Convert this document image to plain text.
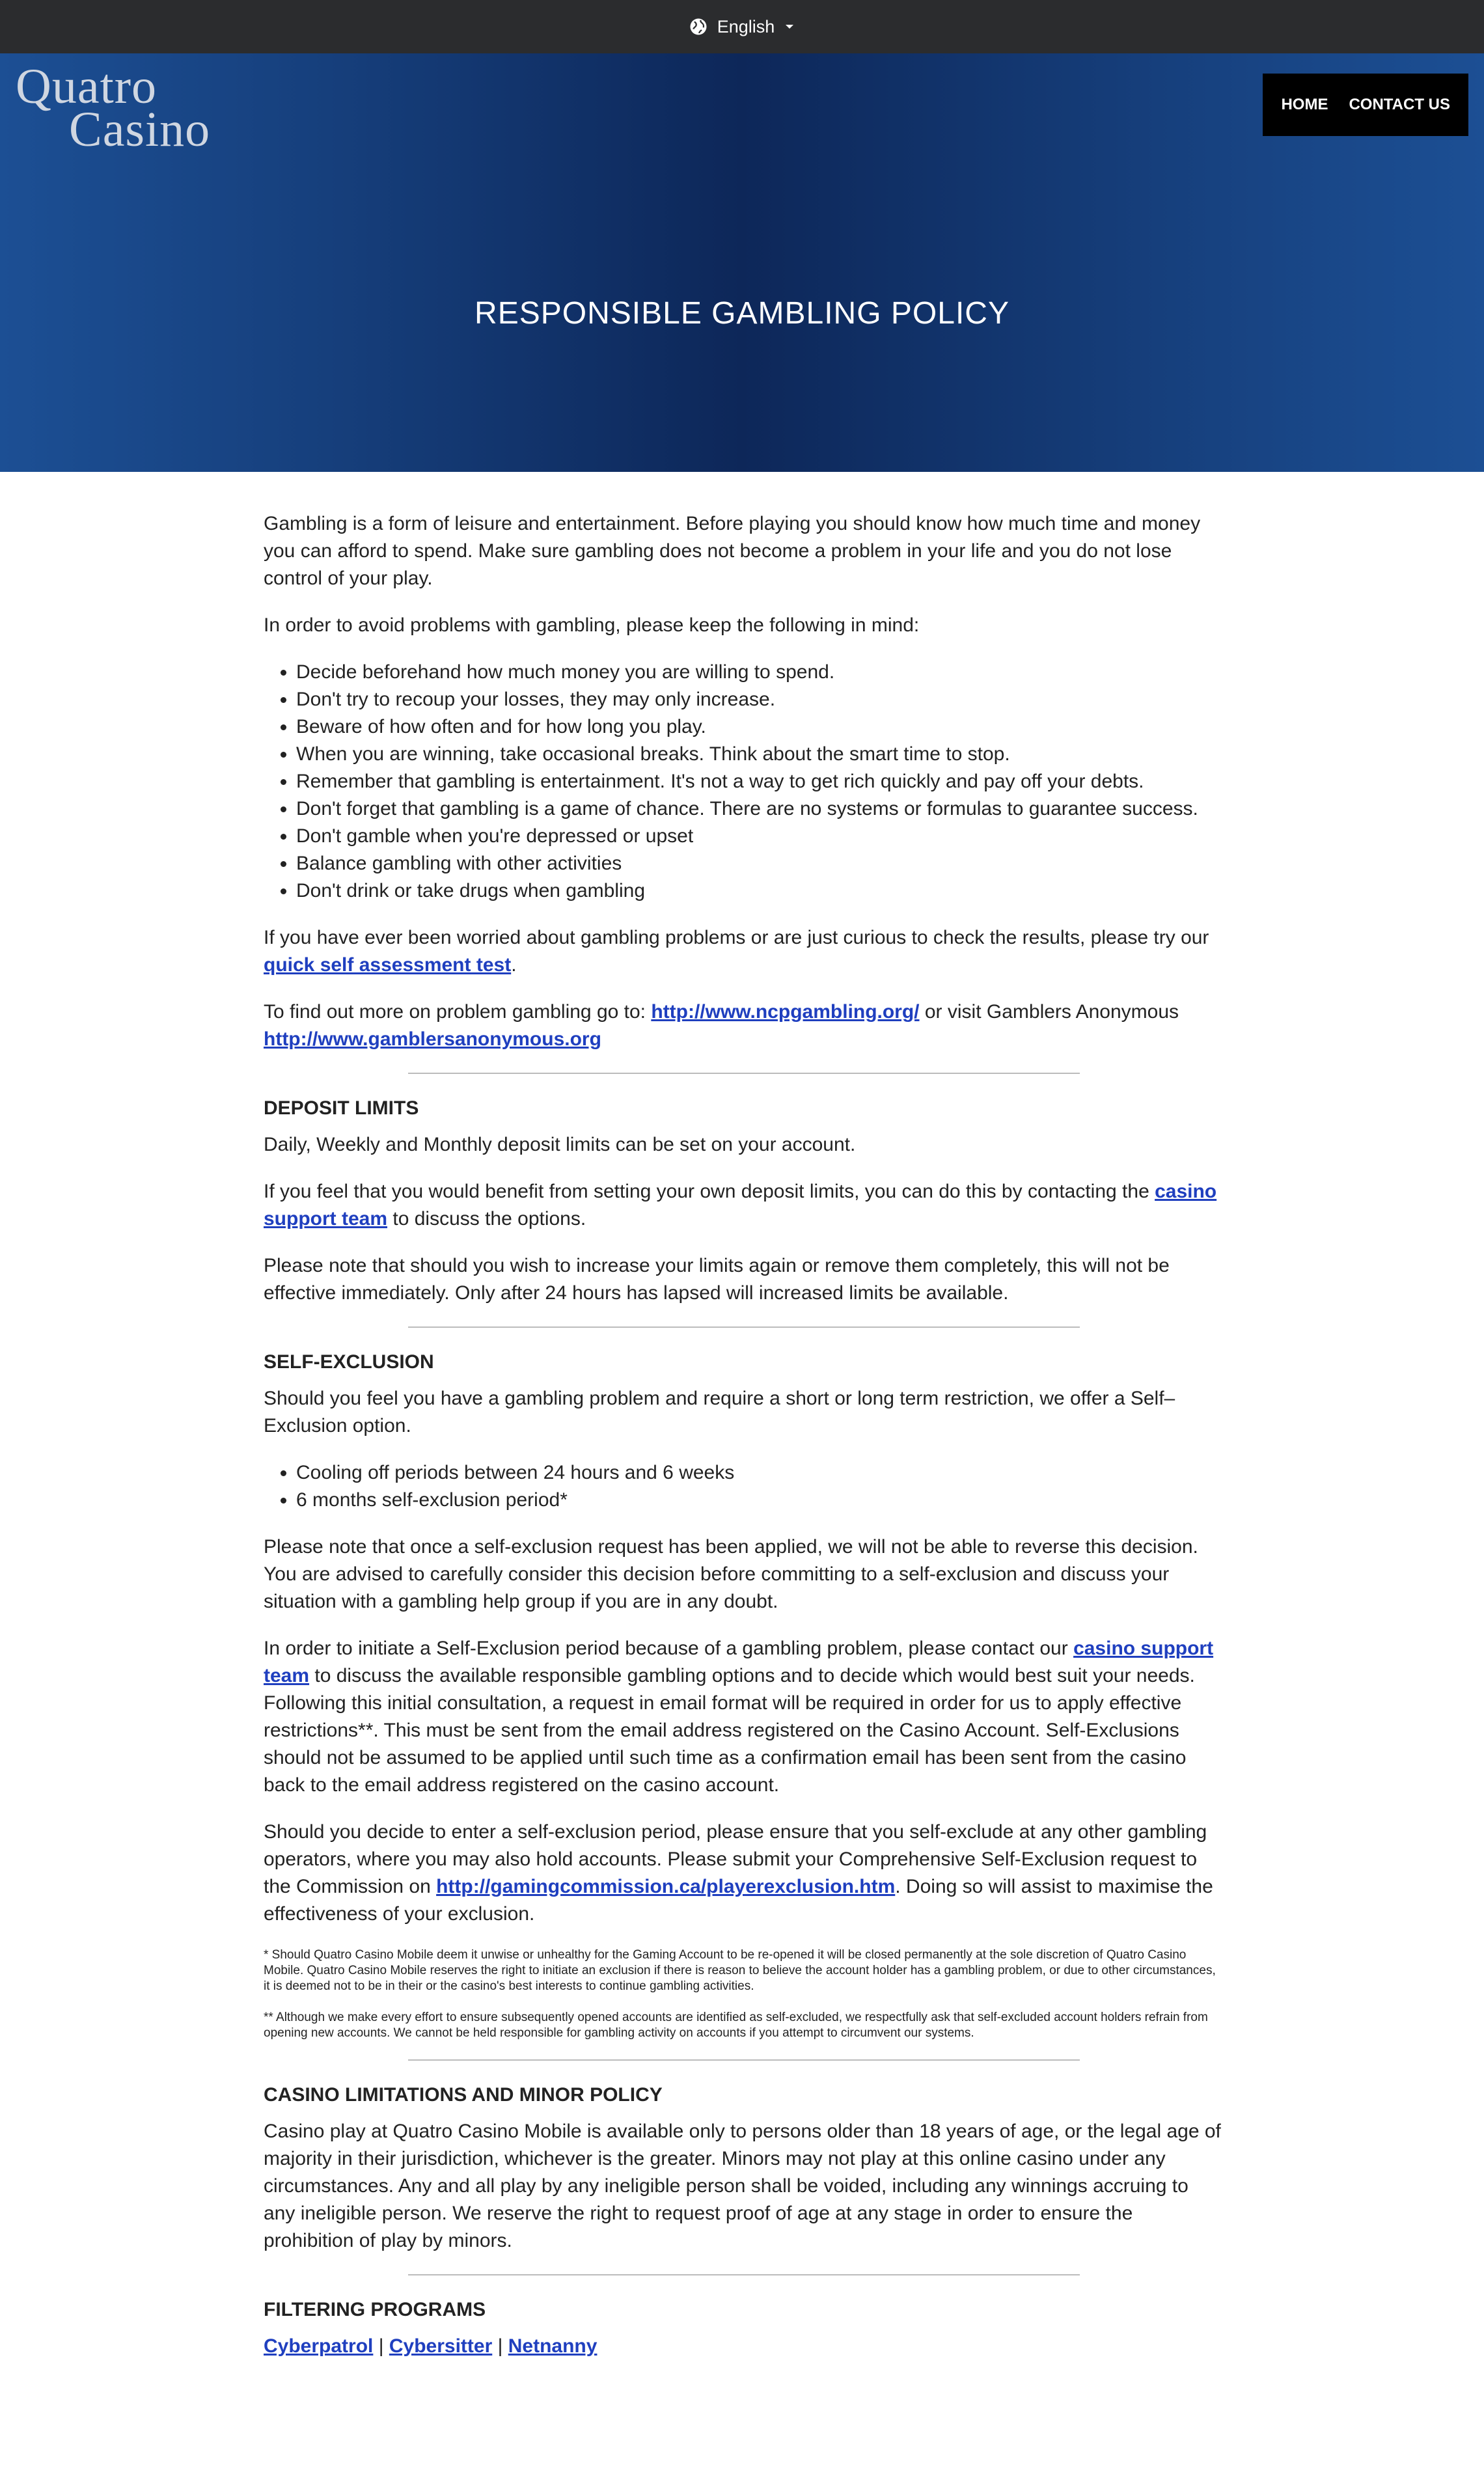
English
Quatro
Casino	HOME	CONTACT US
RESPONSIBLE GAMBLING POLICY

Gambling is a form of leisure and entertainment. Before playing you should know how much time and money you can afford to spend. Make sure gambling does not become a problem in your life and you do not lose control of your play.

In order to avoid problems with gambling, please keep the following in mind:

• Decide beforehand how much money you are willing to spend.
• Don't try to recoup your losses, they may only increase.
• Beware of how often and for how long you play.
• When you are winning, take occasional breaks. Think about the smart time to stop.
• Remember that gambling is entertainment. It's not a way to get rich quickly and pay off your debts.
• Don't forget that gambling is a game of chance. There are no systems or formulas to guarantee success.
• Don't gamble when you're depressed or upset
• Balance gambling with other activities
• Don't drink or take drugs when gambling

If you have ever been worried about gambling problems or are just curious to check the results, please try our quick self assessment test.

To find out more on problem gambling go to: http://www.ncpgambling.org/ or visit Gamblers Anonymous http://www.gamblersanonymous.org

DEPOSIT LIMITS

Daily, Weekly and Monthly deposit limits can be set on your account.

If you feel that you would benefit from setting your own deposit limits, you can do this by contacting the casino support team to discuss the options.

Please note that should you wish to increase your limits again or remove them completely, this will not be effective immediately. Only after 24 hours has lapsed will increased limits be available.

SELF-EXCLUSION

Should you feel you have a gambling problem and require a short or long term restriction, we offer a Self–Exclusion option.

• Cooling off periods between 24 hours and 6 weeks
• 6 months self-exclusion period*

Please note that once a self-exclusion request has been applied, we will not be able to reverse this decision. You are advised to carefully consider this decision before committing to a self-exclusion and discuss your situation with a gambling help group if you are in any doubt.

In order to initiate a Self-Exclusion period because of a gambling problem, please contact our casino support team to discuss the available responsible gambling options and to decide which would best suit your needs. Following this initial consultation, a request in email format will be required in order for us to apply effective restrictions**. This must be sent from the email address registered on the Casino Account. Self-Exclusions should not be assumed to be applied until such time as a confirmation email has been sent from the casino back to the email address registered on the casino account.

Should you decide to enter a self-exclusion period, please ensure that you self-exclude at any other gambling operators, where you may also hold accounts. Please submit your Comprehensive Self-Exclusion request to the Commission on http://gamingcommission.ca/playerexclusion.htm. Doing so will assist to maximise the effectiveness of your exclusion.

* Should Quatro Casino Mobile deem it unwise or unhealthy for the Gaming Account to be re-opened it will be closed permanently at the sole discretion of Quatro Casino Mobile. Quatro Casino Mobile reserves the right to initiate an exclusion if there is reason to believe the account holder has a gambling problem, or due to other circumstances, it is deemed not to be in their or the casino's best interests to continue gambling activities.

** Although we make every effort to ensure subsequently opened accounts are identified as self-excluded, we respectfully ask that self-excluded account holders refrain from opening new accounts. We cannot be held responsible for gambling activity on accounts if you attempt to circumvent our systems.

CASINO LIMITATIONS AND MINOR POLICY

Casino play at Quatro Casino Mobile is available only to persons older than 18 years of age, or the legal age of majority in their jurisdiction, whichever is the greater. Minors may not play at this online casino under any circumstances. Any and all play by any ineligible person shall be voided, including any winnings accruing to any ineligible person. We reserve the right to request proof of age at any stage in order to ensure the prohibition of play by minors.

FILTERING PROGRAMS

Cyberpatrol | Cybersitter | Netnanny
